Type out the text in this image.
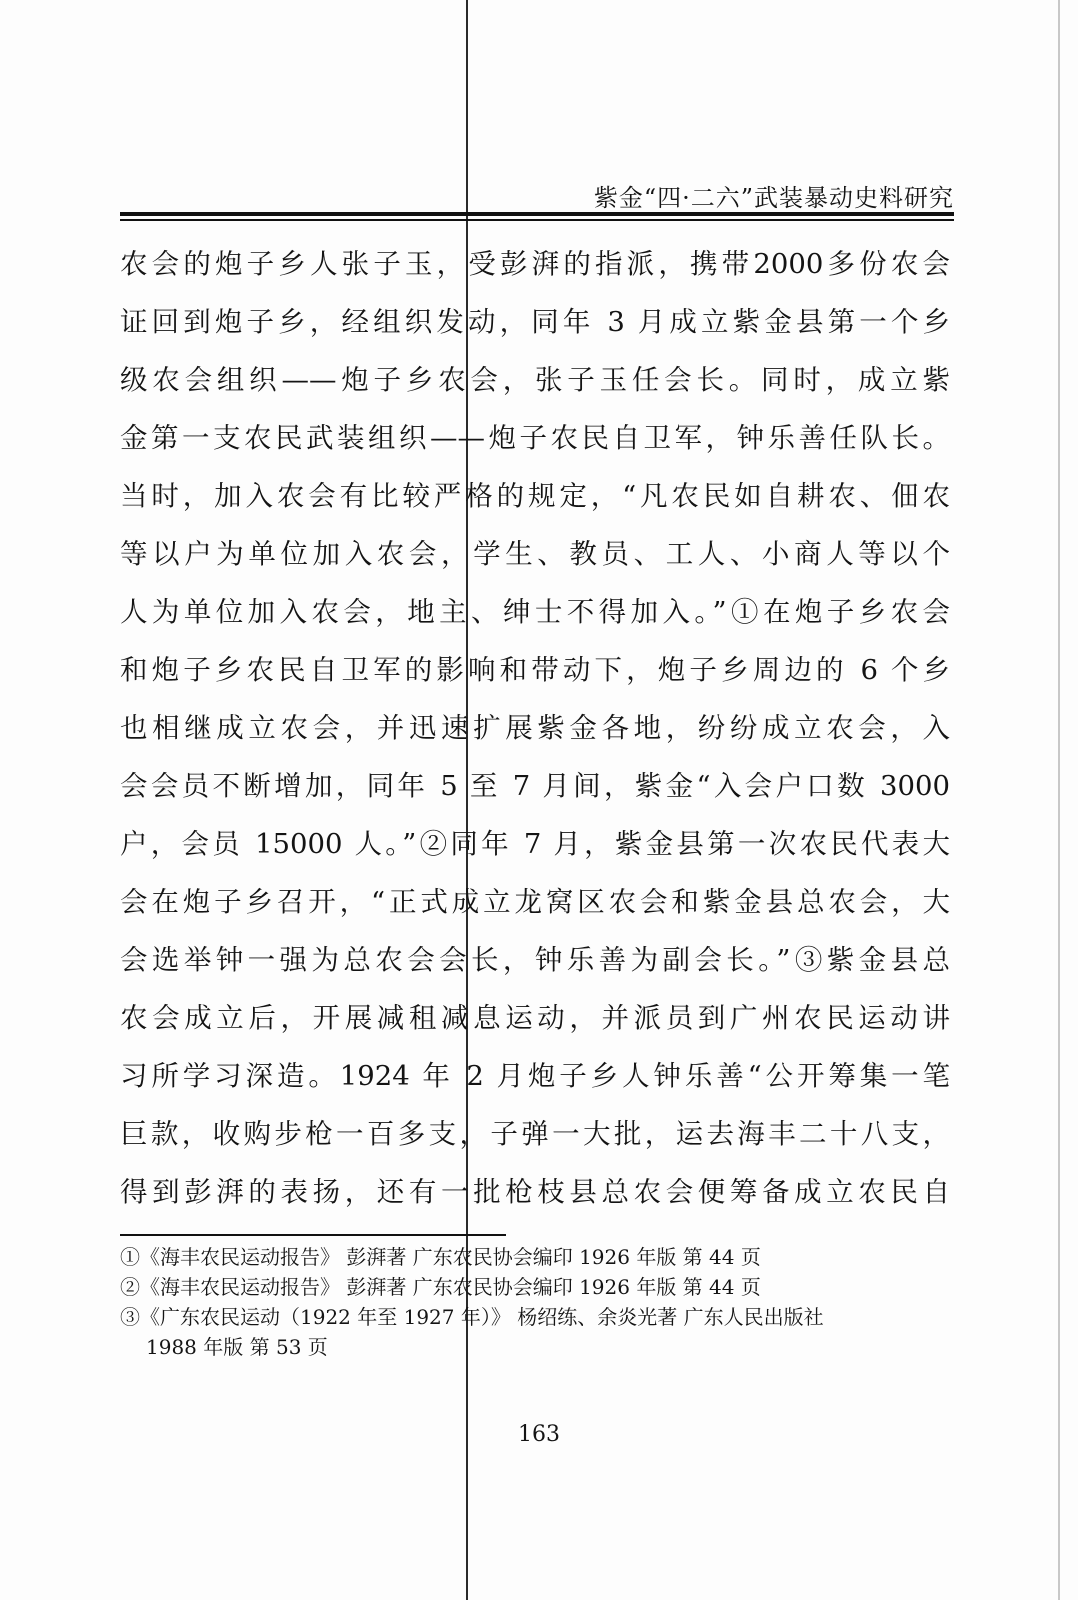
紫金“四·二六”武装暴动史料研究
农会的炮子乡人张子玉，受彭湃的指派，携带2000多份农会
证回到炮子乡，经组织发动，同年 3 月成立紫金县第一个乡
级农会组织——炮子乡农会，张子玉任会长。同时，成立紫
金第一支农民武装组织——炮子农民自卫军，钟乐善任队长。
当时，加入农会有比较严格的规定，“凡农民如自耕农、佃农
等以户为单位加入农会，学生、教员、工人、小商人等以个
人为单位加入农会，地主、绅士不得加入。”①在炮子乡农会
和炮子乡农民自卫军的影响和带动下，炮子乡周边的 6 个乡
也相继成立农会，并迅速扩展紫金各地，纷纷成立农会，入
会会员不断增加，同年 5 至 7 月间，紫金“入会户口数 3000
户，会员 15000 人。”②同年 7 月，紫金县第一次农民代表大
会在炮子乡召开，“正式成立龙窝区农会和紫金县总农会，大
会选举钟一强为总农会会长，钟乐善为副会长。”③紫金县总
农会成立后，开展减租减息运动，并派员到广州农民运动讲
习所学习深造。1924 年 2 月炮子乡人钟乐善“公开筹集一笔
巨款，收购步枪一百多支，子弹一大批，运去海丰二十八支，
得到彭湃的表扬，还有一批枪枝县总农会便筹备成立农民自
①《海丰农民运动报告》 彭湃著 广东农民协会编印 1926 年版 第 44 页
②《海丰农民运动报告》 彭湃著 广东农民协会编印 1926 年版 第 44 页
③《广东农民运动（1922 年至 1927 年）》 杨绍练、余炎光著 广东人民出版社
1988 年版 第 53 页
163
